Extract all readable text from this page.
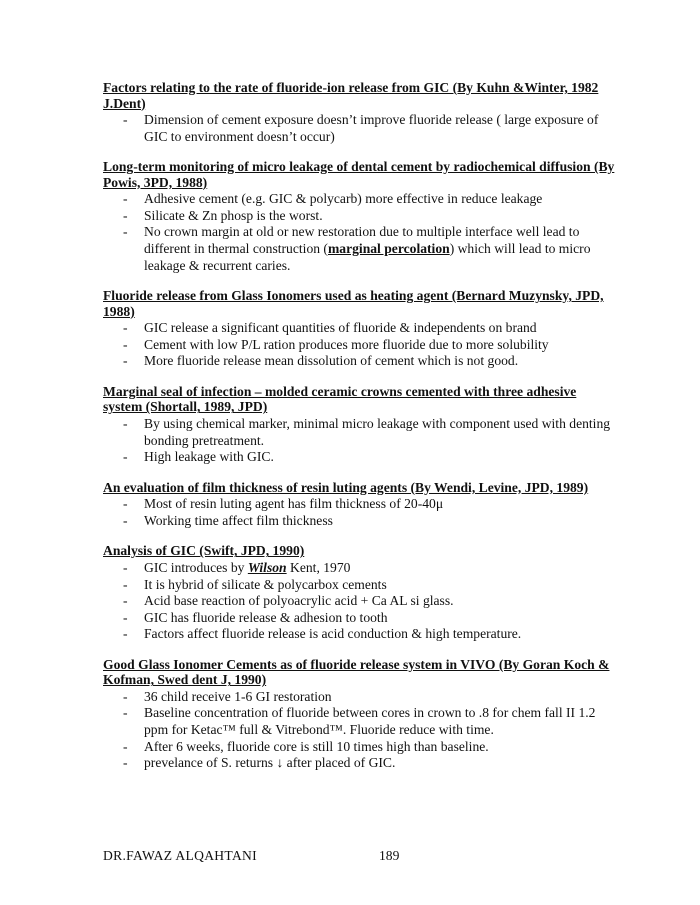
Factors relating to the rate of fluoride-ion release from GIC (By Kuhn &Winter, 1982 J.Dent)
- Dimension of cement exposure doesn’t improve fluoride release ( large exposure of GIC to environment doesn’t occur)
Long-term monitoring of micro leakage of dental cement by radiochemical diffusion (By Powis, 3PD, 1988)
- Adhesive cement (e.g. GIC & polycarb) more effective in reduce leakage
- Silicate & Zn phosp is the worst.
- No crown margin at old or new restoration due to multiple interface well lead to different in thermal construction (marginal percolation) which will lead to micro leakage & recurrent caries.
Fluoride release from Glass Ionomers used as heating agent (Bernard Muzynsky, JPD, 1988)
- GIC release a significant quantities of fluoride & independents on brand
- Cement with low P/L ration produces more fluoride due to more solubility
- More fluoride release mean dissolution of cement which is not good.
Marginal seal of infection – molded ceramic crowns cemented with three adhesive system (Shortall, 1989, JPD)
- By using chemical marker, minimal micro leakage with component used with denting bonding pretreatment.
- High leakage with GIC.
An evaluation of film thickness of resin luting agents (By Wendi, Levine, JPD, 1989)
- Most of resin luting agent has film thickness of 20-40μ
- Working time affect film thickness
Analysis of GIC (Swift, JPD, 1990)
- GIC introduces by Wilson Kent, 1970
- It is hybrid of silicate & polycarbox cements
- Acid base reaction of polyoacrylic acid + Ca AL si glass.
- GIC has fluoride release & adhesion to tooth
- Factors affect fluoride release is acid conduction & high temperature.
Good Glass Ionomer Cements as of fluoride release system in VIVO (By Goran Koch & Kofman, Swed dent J, 1990)
- 36 child receive 1-6 GI restoration
- Baseline concentration of fluoride between cores in crown to .8 for chem fall II 1.2 ppm for Ketac™ full & Vitrebond™. Fluoride reduce with time.
- After 6 weeks, fluoride core is still 10 times high than baseline.
- prevelance of S. returns ↓ after placed of GIC.
DR.FAWAZ ALQAHTANI	189
